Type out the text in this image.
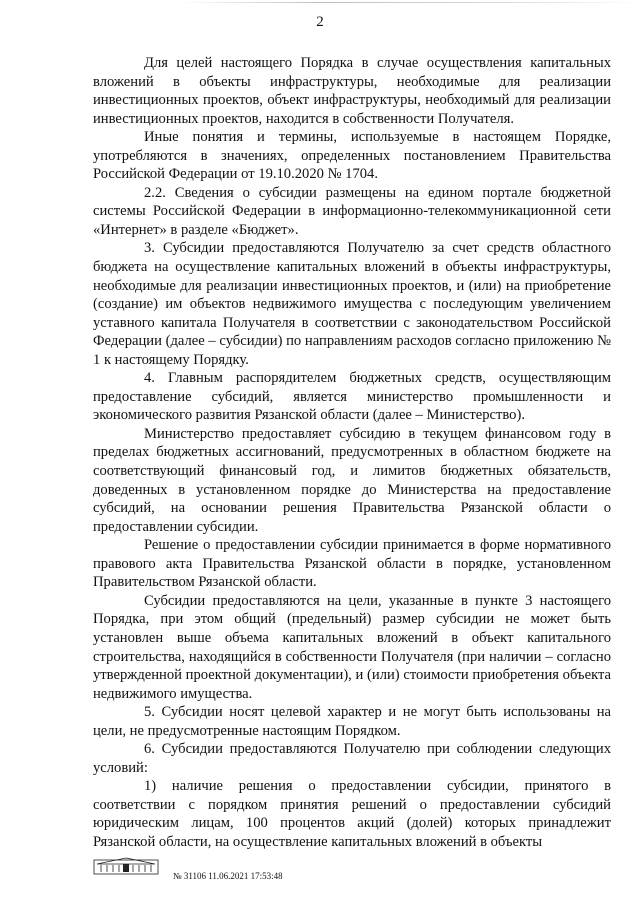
2

Для целей настоящего Порядка в случае осуществления капитальных вложений в объекты инфраструктуры, необходимые для реализации инвестиционных проектов, объект инфраструктуры, необходимый для реализации инвестиционных проектов, находится в собственности Получателя.

Иные понятия и термины, используемые в настоящем Порядке, употребляются в значениях, определенных постановлением Правительства Российской Федерации от 19.10.2020 № 1704.

2.2. Сведения о субсидии размещены на едином портале бюджетной системы Российской Федерации в информационно-телекоммуникационной сети «Интернет» в разделе «Бюджет».

3. Субсидии предоставляются Получателю за счет средств областного бюджета на осуществление капитальных вложений в объекты инфраструктуры, необходимые для реализации инвестиционных проектов, и (или) на приобретение (создание) им объектов недвижимого имущества с последующим увеличением уставного капитала Получателя в соответствии с законодательством Российской Федерации (далее – субсидии) по направлениям расходов согласно приложению № 1 к настоящему Порядку.

4. Главным распорядителем бюджетных средств, осуществляющим предоставление субсидий, является министерство промышленности и экономического развития Рязанской области (далее – Министерство).

Министерство предоставляет субсидию в текущем финансовом году в пределах бюджетных ассигнований, предусмотренных в областном бюджете на соответствующий финансовый год, и лимитов бюджетных обязательств, доведенных в установленном порядке до Министерства на предоставление субсидий, на основании решения Правительства Рязанской области о предоставлении субсидии.

Решение о предоставлении субсидии принимается в форме нормативного правового акта Правительства Рязанской области в порядке, установленном Правительством Рязанской области.

Субсидии предоставляются на цели, указанные в пункте 3 настоящего Порядка, при этом общий (предельный) размер субсидии не может быть установлен выше объема капитальных вложений в объект капитального строительства, находящийся в собственности Получателя (при наличии – согласно утвержденной проектной документации), и (или) стоимости приобретения объекта недвижимого имущества.

5. Субсидии носят целевой характер и не могут быть использованы на цели, не предусмотренные настоящим Порядком.

6. Субсидии предоставляются Получателю при соблюдении следующих условий:

1) наличие решения о предоставлении субсидии, принятого в соответствии с порядком принятия решений о предоставлении субсидий юридическим лицам, 100 процентов акций (долей) которых принадлежит Рязанской области, на осуществление капитальных вложений в объекты

№ 31106 11.06.2021 17:53:48
